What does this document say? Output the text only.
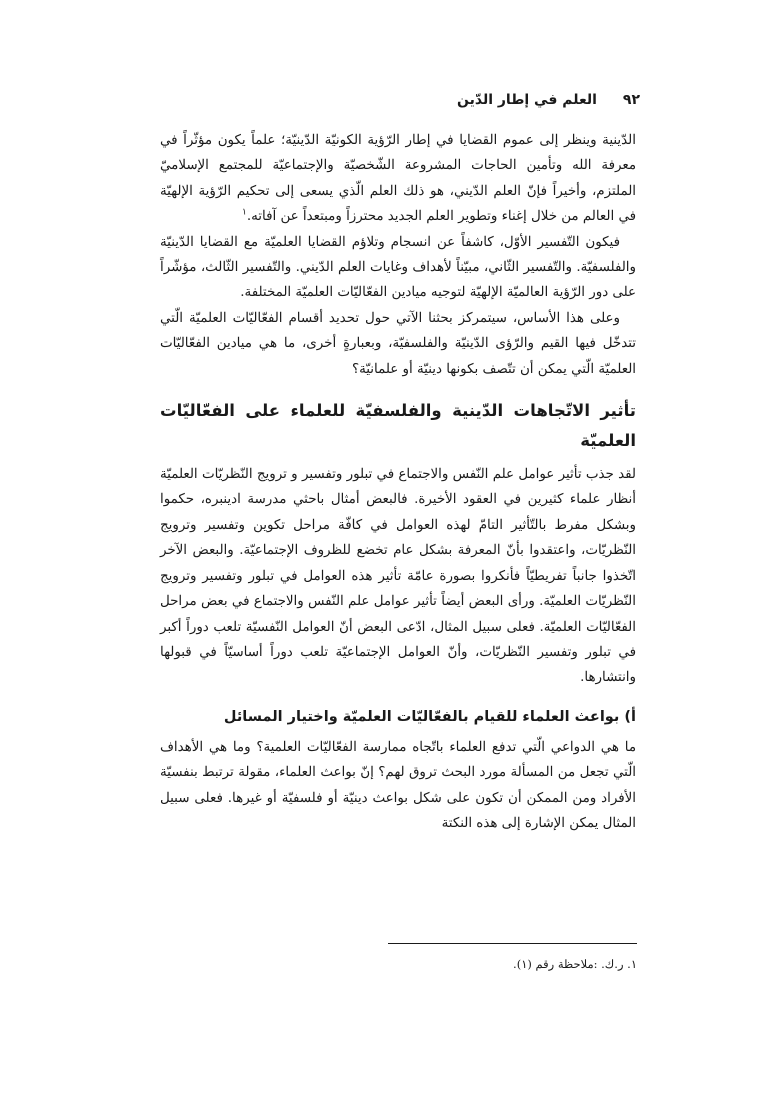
٩٢
العلم في إطار الدّين

الدّينية وينظر إلى عموم القضايا في إطار الرّؤية الكونيّة الدّينيّة؛ علماً يكون مؤثّراً في معرفة الله وتأمين الحاجات المشروعة الشّخصيّة والإجتماعيّة للمجتمع الإسلاميّ الملتزم، وأخيراً فإنّ العلم الدّيني، هو ذلك العلم الّذي يسعى إلى تحكيم الرّؤية الإلهيّة في العالم من خلال إغناء وتطوير العلم الجديد محترزاً ومبتعداً عن آفاته.$^١$

فيكون التّفسير الأوّل، كاشفاً عن انسجام وتلاؤم القضايا العلميّة مع القضايا الدّينيّة والفلسفيّة. والتّفسير الثّاني، مبيّناً لأهداف وغايات العلم الدّيني. والتّفسير الثّالث، مؤشّراً على دور الرّؤية العالميّة الإلهيّة لتوجيه ميادين الفعّاليّات العلميّة المختلفة.

وعلى هذا الأساس، سيتمركز بحثنا الآتي حول تحديد أقسام الفعّاليّات العلميّة الّتي تتدخّل فيها القيم والرّؤى الدّينيّة والفلسفيّة، وبعبارةٍ أخرى، ما هي ميادين الفعّاليّات العلميّة الّتي يمكن أن تتّصف بكونها دينيّة أو علمانيّة؟

تأثير الاتّجاهات الدّينية والفلسفيّة للعلماء على الفعّاليّات العلميّة

لقد جذب تأثير عوامل علم النّفس والاجتماع في تبلور وتفسير و ترويج النّظريّات العلميّة أنظار علماء كثيرين في العقود الأخيرة. فالبعض أمثال باحثي مدرسة ادينبره، حكموا وبشكل مفرط بالتّأثير التامّ لهذه العوامل في كافّة مراحل تكوين وتفسير وترويج النّظريّات، واعتقدوا بأنّ المعرفة بشكل عام تخضع للظروف الإجتماعيّة. والبعض الآخر اتّخذوا جانباً تفريطيّاً فأنكروا بصورة عامّة تأثير هذه العوامل في تبلور وتفسير وترويج النّظريّات العلميّة. ورأى البعض أيضاً تأثير عوامل علم النّفس والاجتماع في بعض مراحل الفعّاليّات العلميّة. فعلى سبيل المثال، ادّعى البعض أنّ العوامل النّفسيّة تلعب دوراً أكبر في تبلور وتفسير النّظريّات، وأنّ العوامل الإجتماعيّة تلعب دوراً أساسيّاً في قبولها وانتشارها.

أ) بواعث العلماء للقيام بالفعّاليّات العلميّة واختيار المسائل

ما هي الدواعي الّتي تدفع العلماء باتّجاه ممارسة الفعّاليّات العلمية؟ وما هي الأهداف الّتي تجعل من المسألة مورد البحث تروق لهم؟ إنّ بواعث العلماء، مقولة ترتبط بنفسيّة الأفراد ومن الممكن أن تكون على شكل بواعث دينيّة أو فلسفيّة أو غيرها. فعلى سبيل المثال يمكن الإشارة إلى هذه النكتة

١. ر.ك. :ملاحظة رقم (١).
